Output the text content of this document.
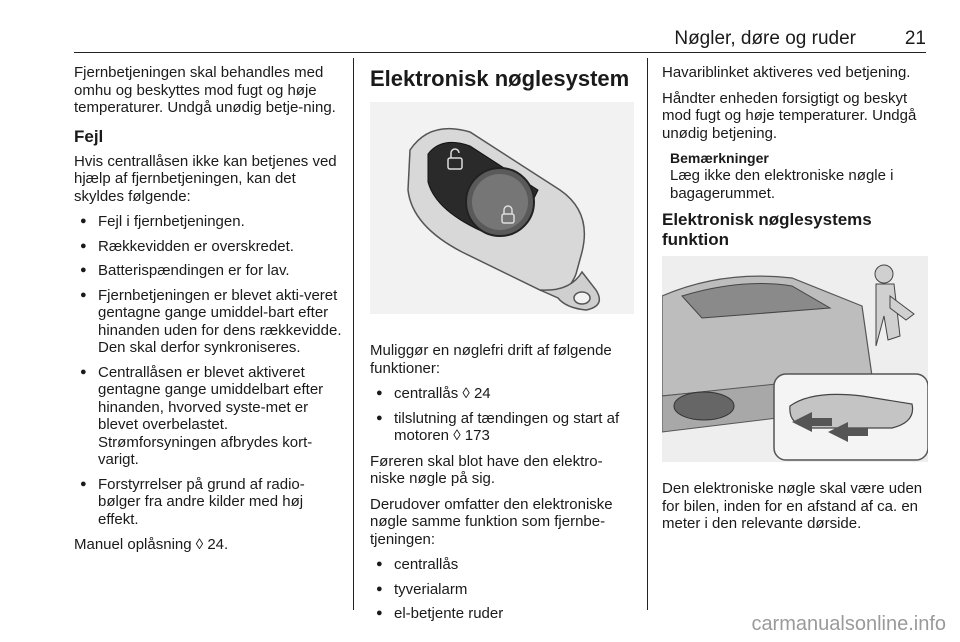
Nøgler, døre og ruder	21

Fjernbetjeningen skal behandles med omhu og beskyttes mod fugt og høje temperaturer. Undgå unødig betje-ning.

Fejl

Hvis centrallåsen ikke kan betjenes ved hjælp af fjernbetjeningen, kan det skyldes følgende:

● Fejl i fjernbetjeningen.
● Rækkevidden er overskredet.
● Batterispændingen er for lav.
● Fjernbetjeningen er blevet akti-veret gentagne gange umiddel-bart efter hinanden uden for dens rækkevidde. Den skal derfor synkroniseres.
● Centrallåsen er blevet aktiveret gentagne gange umiddelbart efter hinanden, hvorved syste-met er blevet overbelastet. Strømforsyningen afbrydes kort-varigt.
● Forstyrrelser på grund af radio-bølger fra andre kilder med høj effekt.

Manuel oplåsning ◊ 24.

Elektronisk nøglesystem

Muliggør en nøglefri drift af følgende funktioner:

● centrallås ◊ 24
● tilslutning af tændingen og start af motoren ◊ 173

Føreren skal blot have den elektro-niske nøgle på sig.

Derudover omfatter den elektroniske nøgle samme funktion som fjernbe-tjeningen:

● centrallås
● tyverialarm
● el-betjente ruder

Havariblinket aktiveres ved betjening.

Håndter enheden forsigtigt og beskyt mod fugt og høje temperaturer. Undgå unødig betjening.

Bemærkninger

Læg ikke den elektroniske nøgle i bagagerummet.

Elektronisk nøglesystems funktion

Den elektroniske nøgle skal være uden for bilen, inden for en afstand af ca. en meter i den relevante dørside.

carmanualsonline.info
